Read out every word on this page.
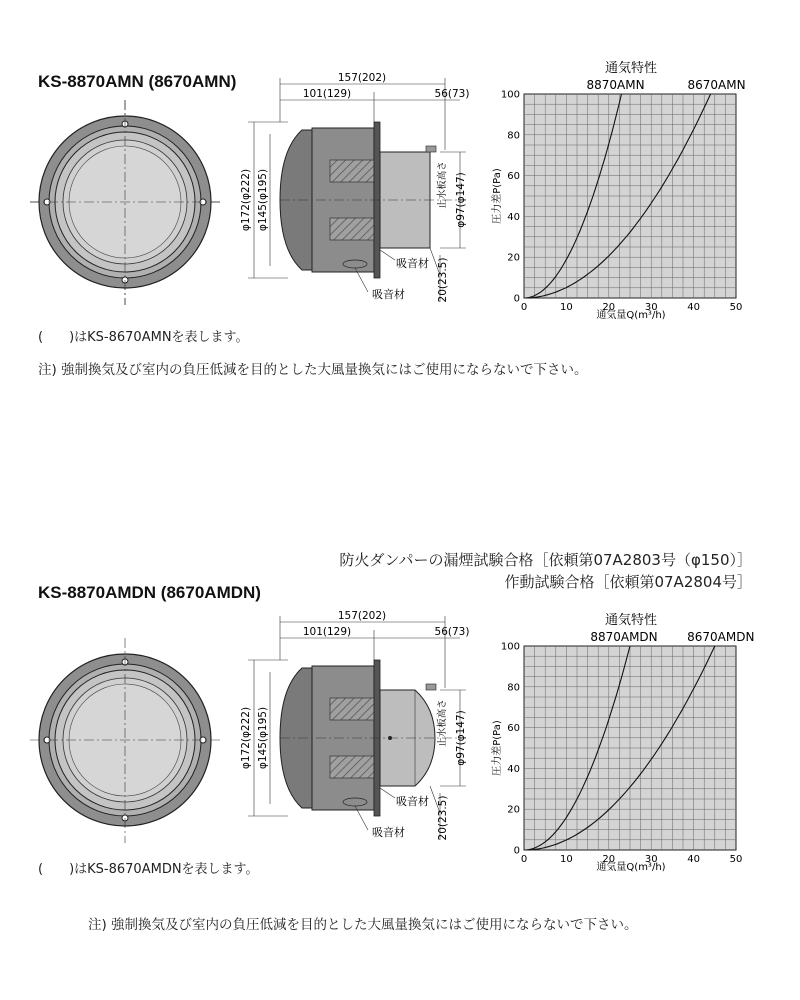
KS-8870AMN (8670AMN)	157(202)
101(129)	56(73)
φ172(φ222) φ145(φ195)	φ97(φ147)
止水板高さ
20(23.5)
吸音材
吸音材
通気特性
0	10	20	30	40	50
0
20
40
60
80
100
8870AMN	8670AMN
通気量Q(m³/h)
圧力差P(Pa)
(　　)はKS-8670AMNを表します。
注) 強制換気及び室内の負圧低減を目的とした大風量換気にはご使用にならないで下さい。
防火ダンパーの漏煙試験合格［依頼第07A2803号（φ150）］
作動試験合格［依頼第07A2804号］
KS-8870AMDN (8670AMDN)
157(202)
101(129)	56(73)
φ172(φ222) φ145(φ195)	φ97(φ147)
止水板高さ
20(23.5)
吸音材
吸音材
通気特性
0	10	20	30	40	50
0
20
40
60
80
100
8870AMDN 8670AMDN
通気量Q(m³/h)
圧力差P(Pa)
(　　)はKS-8670AMDNを表します。
注) 強制換気及び室内の負圧低減を目的とした大風量換気にはご使用にならないで下さい。
